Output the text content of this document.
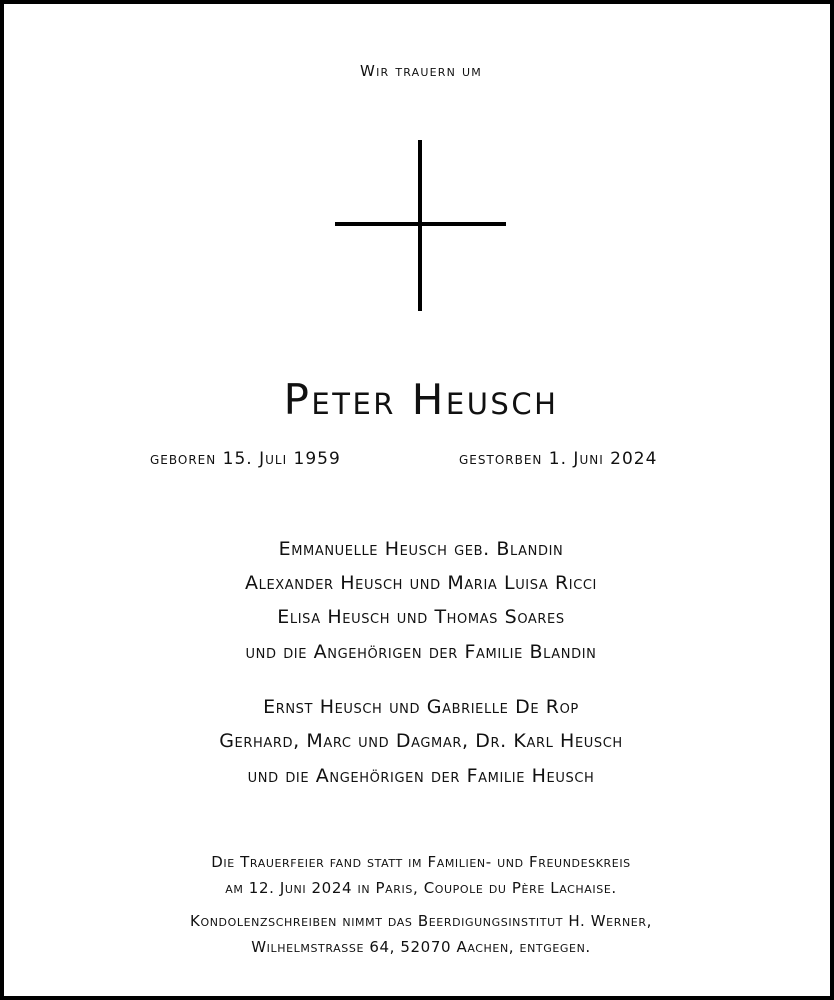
Wir trauern um
Peter Heusch
geboren 15. Juli 1959	gestorben 1. Juni 2024
Emmanuelle Heusch geb. Blandin
Alexander Heusch und Maria Luisa Ricci
Elisa Heusch und Thomas Soares
und die Angehörigen der Familie Blandin
Ernst Heusch und Gabrielle De Rop
Gerhard, Marc und Dagmar, Dr. Karl Heusch
und die Angehörigen der Familie Heusch
Die Trauerfeier fand statt im Familien- und Freundeskreis
am 12. Juni 2024 in Paris, Coupole du Père Lachaise.
Kondolenzschreiben nimmt das Beerdigungsinstitut H. Werner,
Wilhelmstrasse 64, 52070 Aachen, entgegen.
